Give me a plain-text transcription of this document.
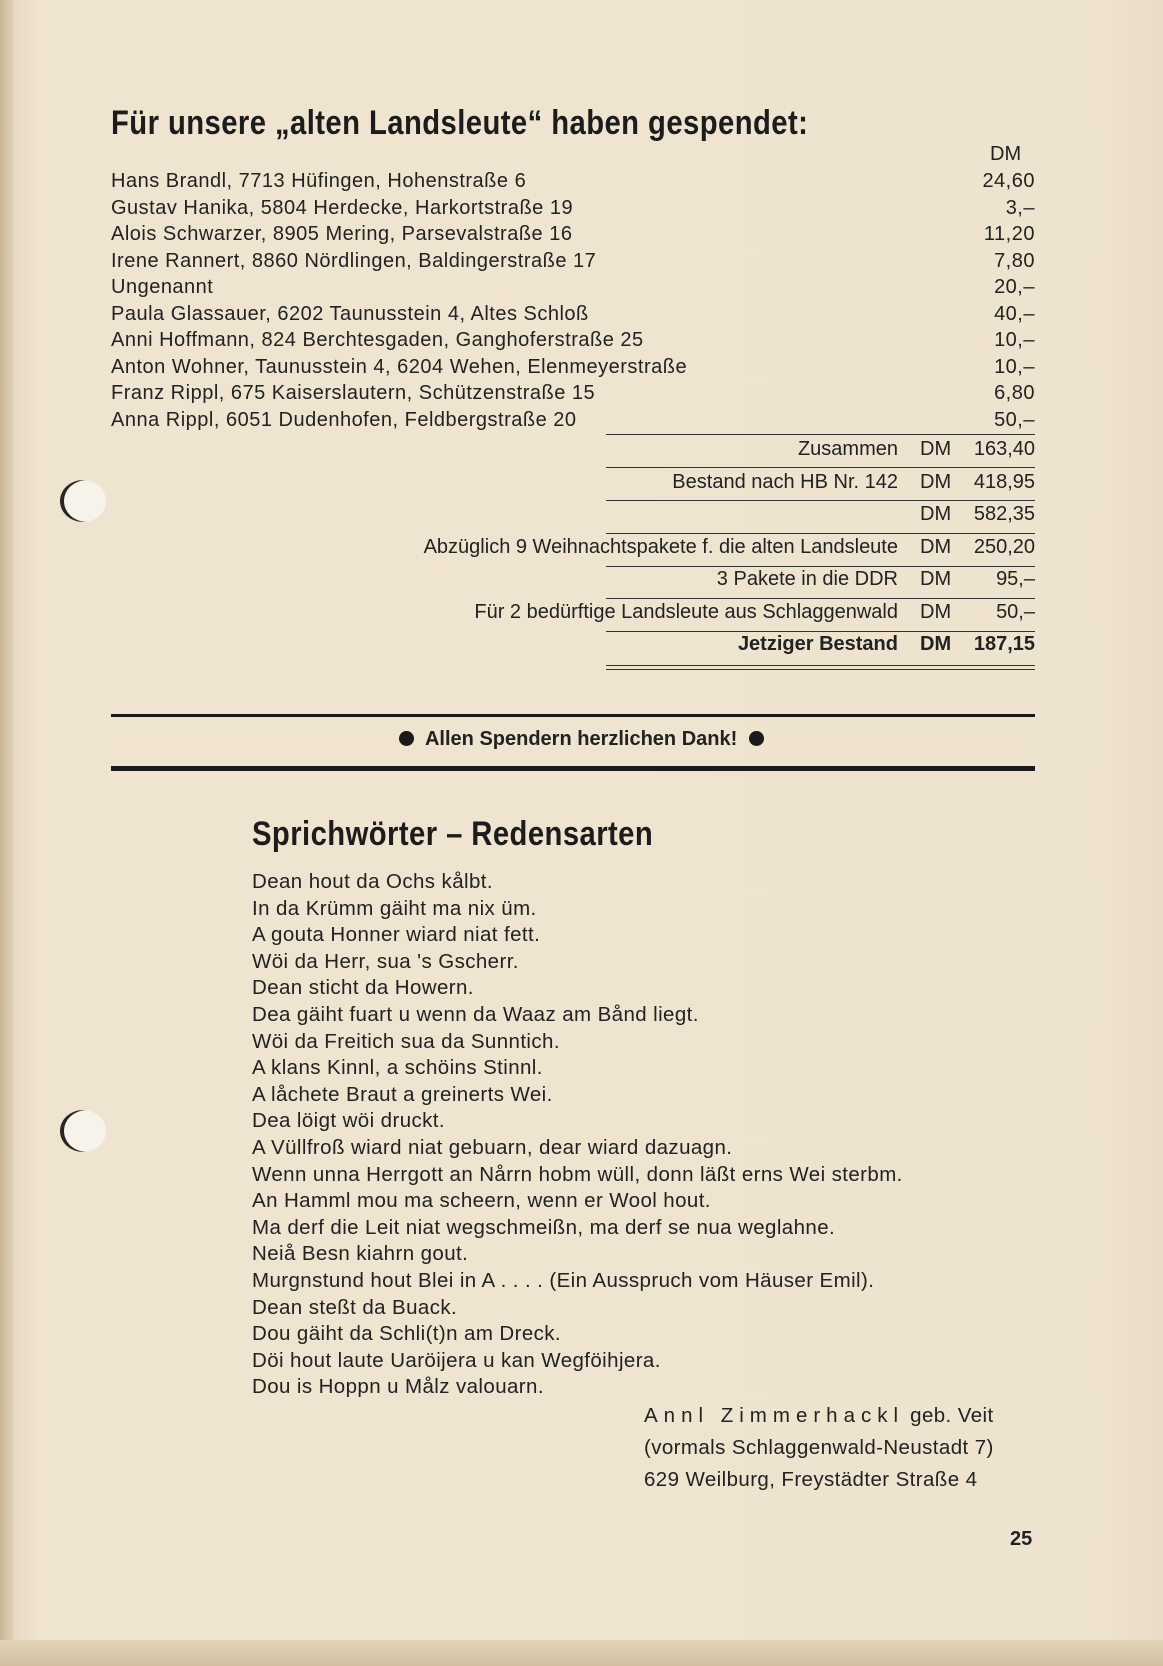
Für unsere „alten Landsleute“ haben gespendet:
DM
Hans Brandl, 7713 Hüfingen, Hohenstraße 6	24,60
Gustav Hanika, 5804 Herdecke, Harkortstraße 19	3,–
Alois Schwarzer, 8905 Mering, Parsevalstraße 16	11,20
Irene Rannert, 8860 Nördlingen, Baldingerstraße 17	7,80
Ungenannt	20,–
Paula Glassauer, 6202 Taunusstein 4, Altes Schloß	40,–
Anni Hoffmann, 824 Berchtesgaden, Ganghoferstraße 25	10,–
Anton Wohner, Taunusstein 4, 6204 Wehen, Elenmeyerstraße	10,–
Franz Rippl, 675 Kaiserslautern, Schützenstraße 15	6,80
Anna Rippl, 6051 Dudenhofen, Feldbergstraße 20	50,–
Zusammen DM 163,40
Bestand nach HB Nr. 142 DM 418,95
DM 582,35
Abzüglich 9 Weihnachtspakete f. die alten Landsleute DM 250,20
3 Pakete in die DDR DM 95,–
Für 2 bedürftige Landsleute aus Schlaggenwald DM 50,–
Jetziger Bestand DM 187,15
Allen Spendern herzlichen Dank!
Sprichwörter – Redensarten
Dean hout da Ochs kålbt.
In da Krümm gäiht ma nix üm.
A gouta Honner wiard niat fett.
Wöi da Herr, sua 's Gscherr.
Dean sticht da Howern.
Dea gäiht fuart u wenn da Waaz am Bånd liegt.
Wöi da Freitich sua da Sunntich.
A klans Kinnl, a schöins Stinnl.
A låchete Braut a greinerts Wei.
Dea löigt wöi druckt.
A Vüllfroß wiard niat gebuarn, dear wiard dazuagn.
Wenn unna Herrgott an Nårrn hobm wüll, donn läßt erns Wei sterbm.
An Hamml mou ma scheern, wenn er Wool hout.
Ma derf die Leit niat wegschmeißn, ma derf se nua weglahne.
Neiå Besn kiahrn gout.
Murgnstund hout Blei in A . . . . (Ein Ausspruch vom Häuser Emil).
Dean steßt da Buack.
Dou gäiht da Schli(t)n am Dreck.
Döi hout laute Uaröijera u kan Wegföihjera.
Dou is Hoppn u Målz valouarn.
Annl Zimmerhackl geb. Veit
(vormals Schlaggenwald-Neustadt 7)
629 Weilburg, Freystädter Straße 4
25
